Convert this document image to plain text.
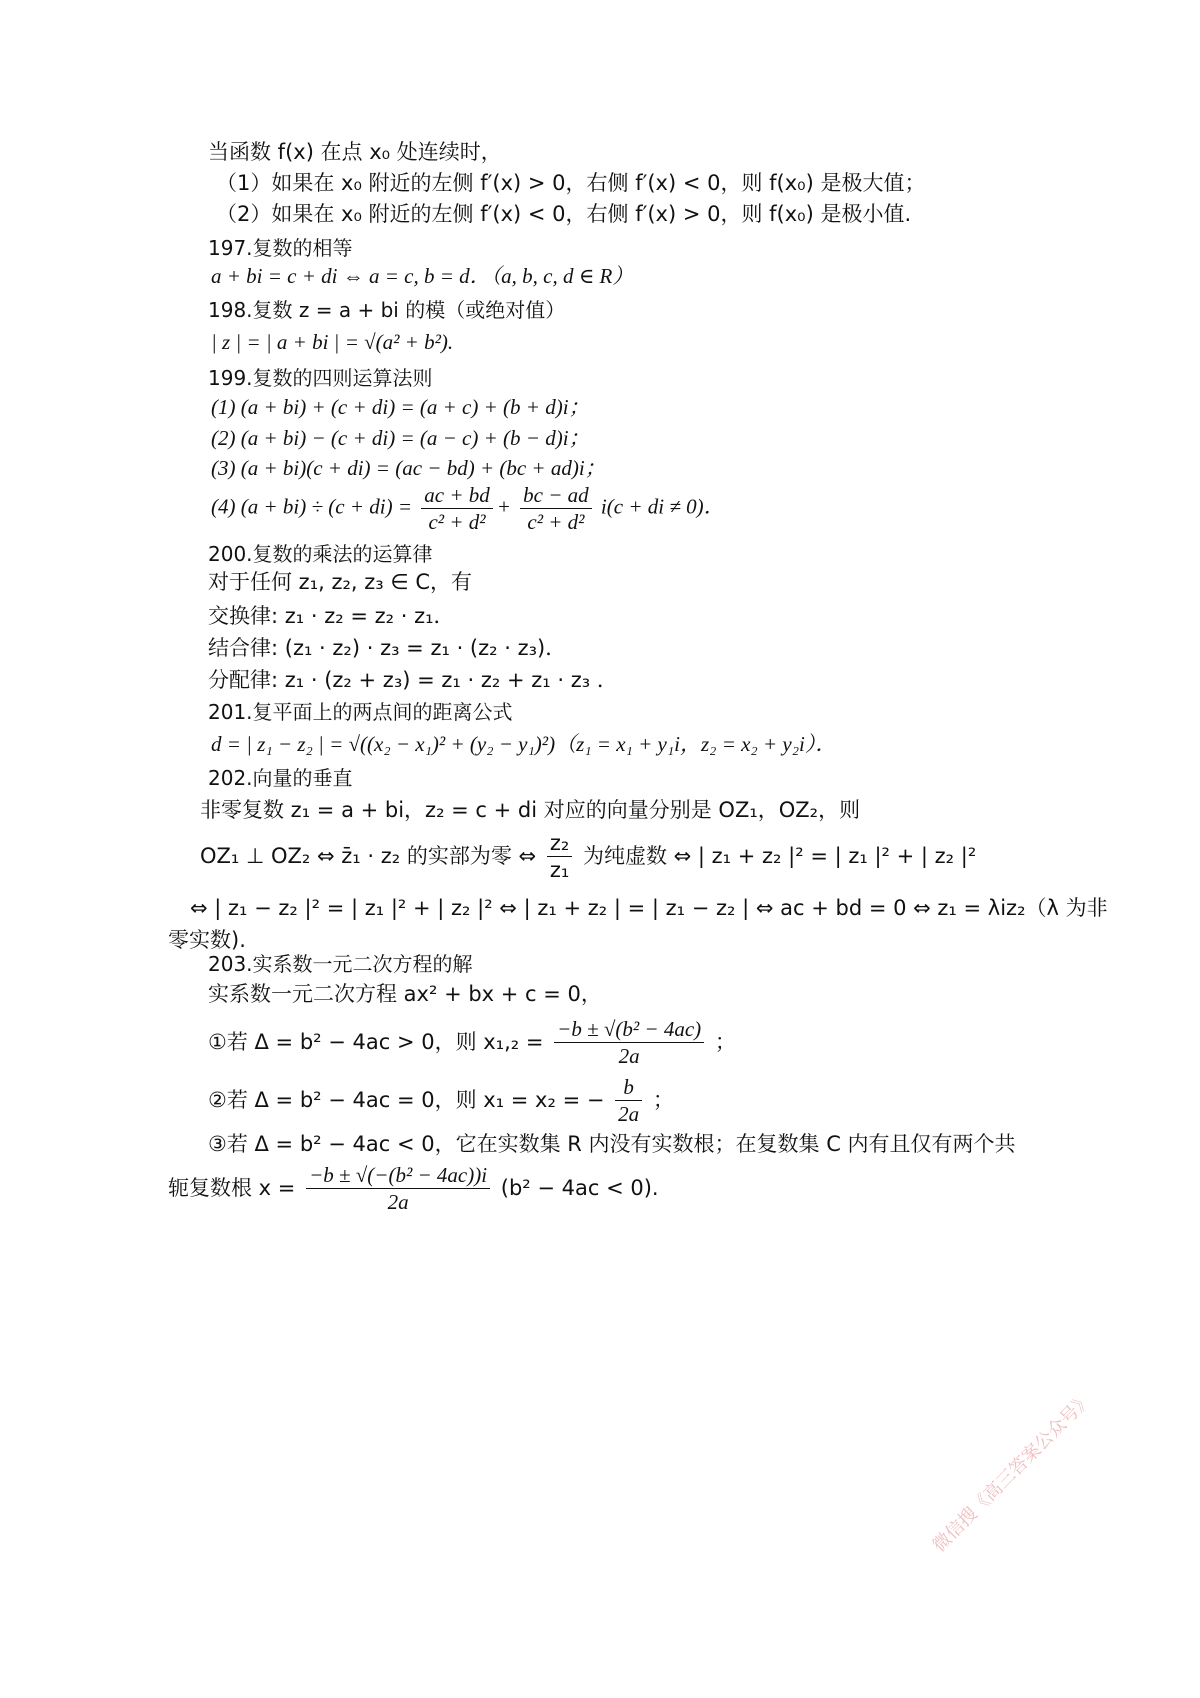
当函数 f(x) 在点 x₀ 处连续时，
（1）如果在 x₀ 附近的左侧 f′(x) > 0，右侧 f′(x) < 0，则 f(x₀) 是极大值；
（2）如果在 x₀ 附近的左侧 f′(x) < 0，右侧 f′(x) > 0，则 f(x₀) 是极小值.
197.复数的相等
a + bi = c + di ⇔ a = c, b = d．（a, b, c, d ∈ R）
198.复数 z = a + bi 的模（或绝对值）
| z | = | a + bi | = √(a² + b²).
199.复数的四则运算法则
(1) (a + bi) + (c + di) = (a + c) + (b + d)i；
(2) (a + bi) − (c + di) = (a − c) + (b − d)i；
(3) (a + bi)(c + di) = (ac − bd) + (bc + ad)i；
(4) $(a + bi) \div (c + di) = \frac{ac + bd}{\text{c² + d²}} + \frac{bc - ad}{\text{c² + d²}} i(c$ + di ≠ 0)．
200.复数的乘法的运算律
对于任何 z₁, z₂, z₃ ∈ C，有
交换律: z₁ · z₂ = z₂ · z₁．
结合律: (z₁ · z₂) · z₃ = z₁ · (z₂ · z₃)．
分配律: z₁ · (z₂ + z₃) = z₁ · z₂ + z₁ · z₃ ．
201.复平面上的两点间的距离公式
d = | z₁ − z₂ | = √((x₂ − x₁)² + (y₂ − y₁)²)（z₁ = x₁ + y₁i，z₂ = x₂ + y₂i）．
202.向量的垂直
非零复数 z₁ = a + bi，z₂ = c + di 对应的向量分别是 OZ₁，OZ₂，则
OZ₁ ⊥ OZ₂ ⇔ z̄₁ · z₂ 的实部为零 ⇔ $\frac{\text{z₂}}{\text{z₁}}$ 为纯虚数 ⇔ | z₁ + z₂ |² = | z₁ |² + | z₂ |²
⇔ | z₁ − z₂ |² = | z₁ |² + | z₂ |² ⇔ | z₁ + z₂ | = | z₁ − z₂ | ⇔ ac + bd = 0 ⇔ z₁ = λiz₂（λ 为非
零实数).
203.实系数一元二次方程的解
实系数一元二次方程 ax² + bx + c = 0，
①若 Δ = b² − 4ac > 0，则 $x_1,_2 = \frac{\text{−b ± √(b² − 4ac)}}{2a}$ ；
②若 Δ = b² − 4ac = 0，则 x₁ = x₂ = − $\frac{b}{2a}$ ；
③若 Δ = b² − 4ac < 0，它在实数集 R 内没有实数根；在复数集 C 内有且仅有两个共
轭复数根 $x = \frac{\text{−b ± √(−(b² − 4ac))i}}{2a} (b^2 - 4ac < 0)$.
微信搜《高三答案公众号》
